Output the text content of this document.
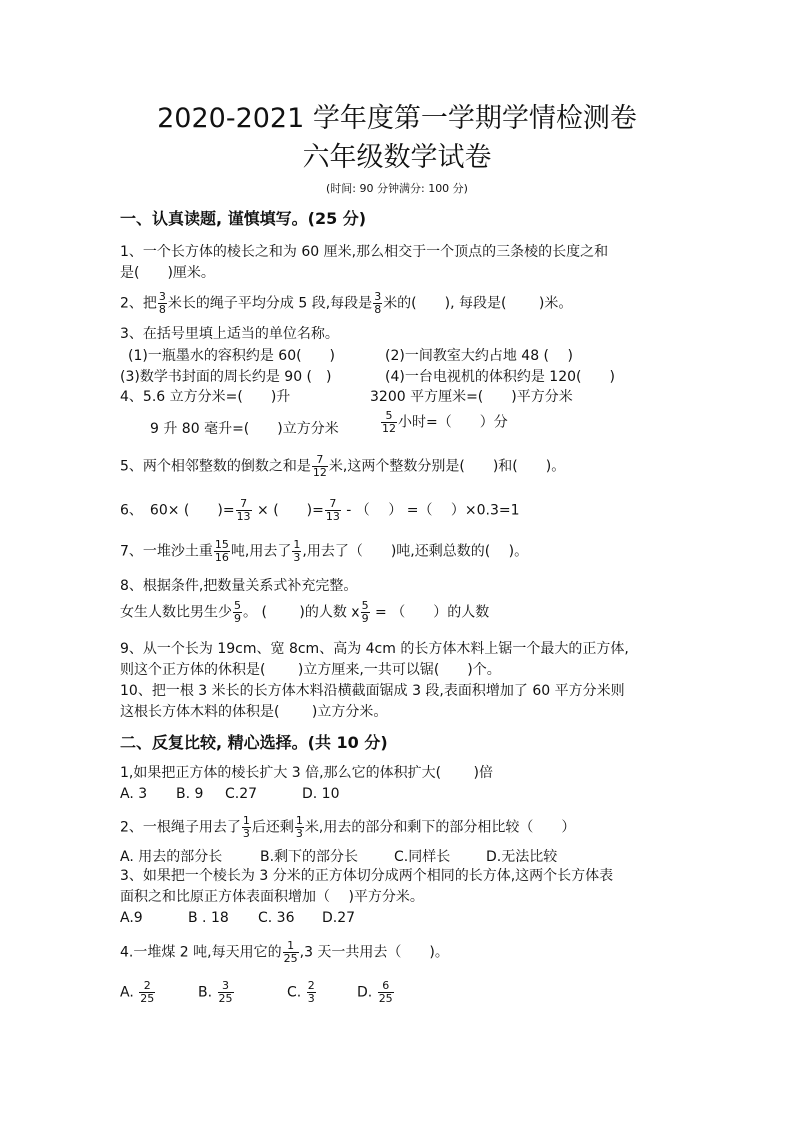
2020-2021 学年度第一学期学情检测卷
六年级数学试卷
(时间: 90 分钟满分: 100 分)
一、认真读题, 谨慎填写。(25 分)
1、一个长方体的棱长之和为 60 厘米,那么相交于一个顶点的三条棱的长度之和
是(　　)厘米。
2、把 $\frac{3}{8}$ 米长的绳子平均分成 5 段,每段是 $\frac{3}{8}$ 米的(　　), 每段是(　　 )米。
3、在括号里填上适当的单位名称。
(1)一瓶墨水的容积约是 60(　　)	(2)一间教室大约占地 48 (　 )
(3)数学书封面的周长约是 90 (　)	(4)一台电视机的体积约是 120(　　)
4、5.6 立方分米=(　　)升	3200 平方厘米=(　　)平方分米
9 升 80 毫升=(　　)立方分米	$\frac{5}{12}$ 小时=（　　）分
5、两个相邻整数的倒数之和是 $\frac{7}{12}$ 米,这两个整数分别是(　　)和(　　)。
6、　60× (　　)= $\frac{7}{13}$ × (　　)= $\frac{7}{13}$ - （　 ） =（　 ）×0.3=1
7、一堆沙土重 $\frac{15}{16}$ 吨,用去了 $\frac{1}{3}$ ,用去了（　　)吨,还剩总数的(　 )。
8、根据条件,把数量关系式补充完整。
女生人数比男生少 $\frac{5}{9}$ 。 (　　 )的人数 x $\frac{5}{9}$ = （　　）的人数
9、从一个长为 19cm、宽 8cm、高为 4cm 的长方体木料上锯一个最大的正方体,
则这个正方体的休积是(　　 )立方厘来,一共可以锯(　　)个。
10、把一根 3 米长的长方体木料沿横截面锯成 3 段,表面积增加了 60 平方分米则
这根长方体木料的体积是(　　 )立方分米。
二、反复比较, 精心选择。(共 10 分)
1,如果把正方体的棱长扩大 3 倍,那么它的体积扩大(　　 )倍
A. 3 B. 9 C.27	D. 10
2、一根绳子用去了 $\frac{1}{3}$ 后还剩 $\frac{1}{3}$ 米,用去的部分和剩下的部分相比较（　　）
A. 用去的部分长	B.剩下的部分长	C.同样长	D.无法比较
3、如果把一个棱长为 3 分米的正方体切分成两个相同的长方体,这两个长方体表
面积之和比原正方体表面积增加（　 )平方分米。
A.9	B . 18 C. 36 D.27
4.一堆煤 2 吨,每天用它的 $\frac{1}{25} ,3$ 天一共用去（　　)。
A. $\frac{2}{25}$	B. $\frac{3}{25}$	C. $\frac{2}{3}$	D. $\frac{6}{25}$
